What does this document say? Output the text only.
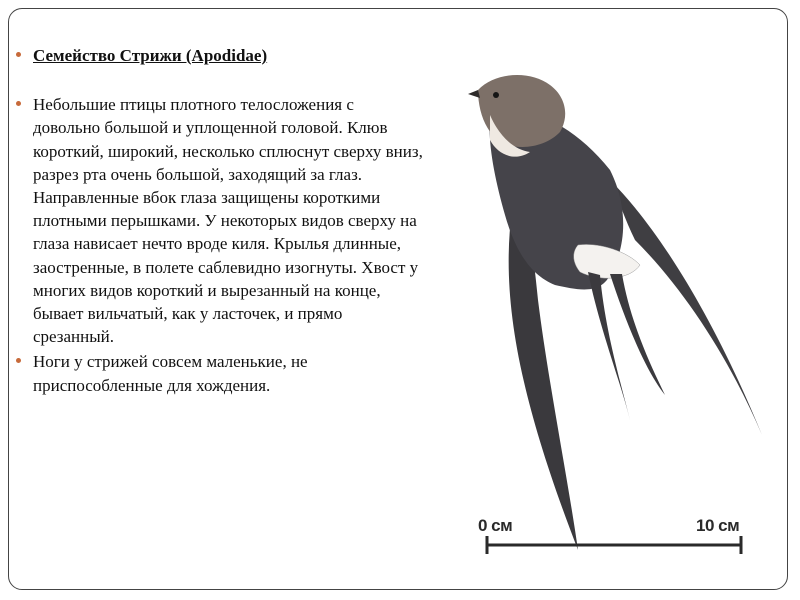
Семейство Стрижи (Apodidae)
Небольшие птицы плотного телосложения с довольно большой и уплощенной головой. Клюв короткий, широкий, несколько сплюснут сверху вниз, разрез рта очень большой, заходящий за глаз. Направленные вбок глаза защищены короткими плотными перышками. У некоторых видов сверху на глаза нависает нечто вроде киля. Крылья длинные, заостренные, в полете саблевидно изогнуты. Хвост у многих видов короткий и вырезанный на конце, бывает вильчатый, как у ласточек, и прямо срезанный.
Ноги у стрижей совсем маленькие, не приспособленные для хождения.
0 см	10 см
